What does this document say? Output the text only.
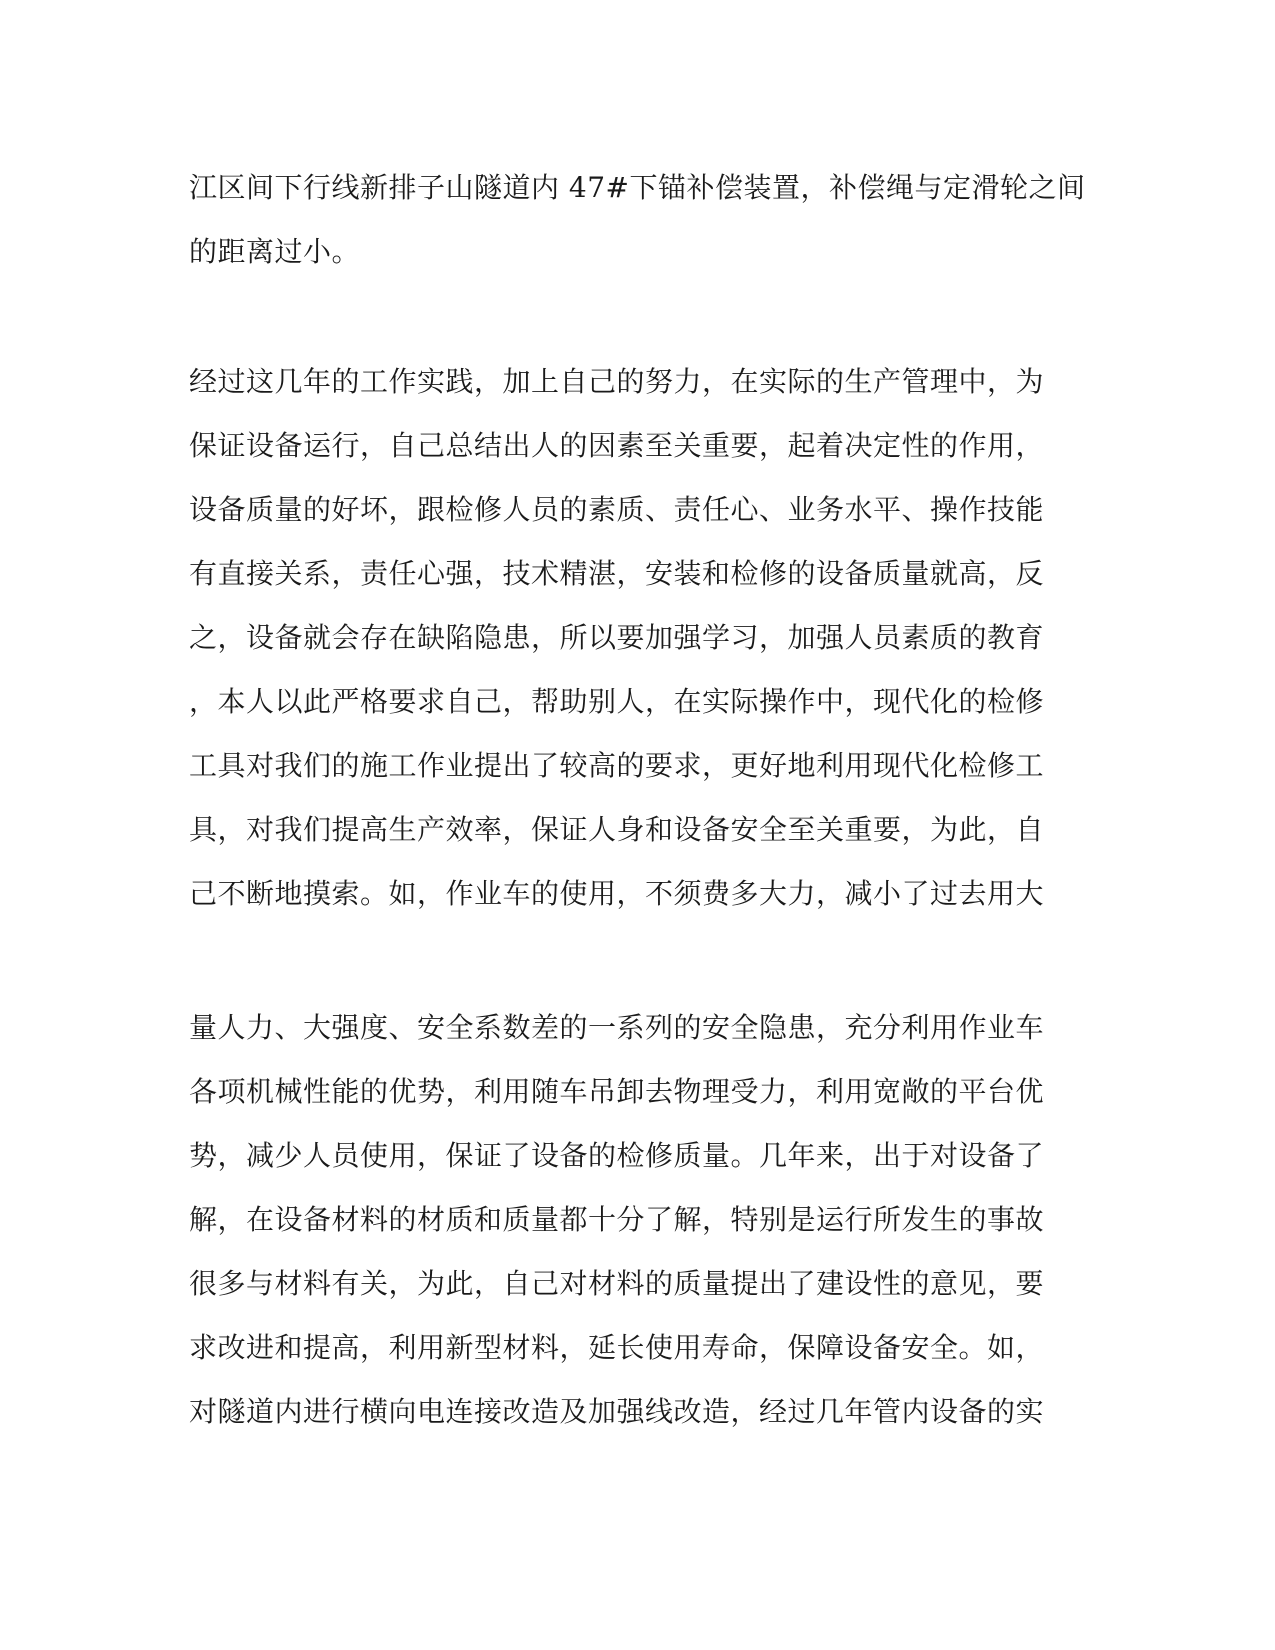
江区间下行线新排子山隧道内 47#下锚补偿装置，补偿绳与定滑轮之间
的距离过小。
经过这几年的工作实践，加上自己的努力，在实际的生产管理中，为
保证设备运行，自己总结出人的因素至关重要，起着决定性的作用，
设备质量的好坏，跟检修人员的素质、责任心、业务水平、操作技能
有直接关系，责任心强，技术精湛，安装和检修的设备质量就高，反
之，设备就会存在缺陷隐患，所以要加强学习，加强人员素质的教育
，本人以此严格要求自己，帮助别人，在实际操作中，现代化的检修
工具对我们的施工作业提出了较高的要求，更好地利用现代化检修工
具，对我们提高生产效率，保证人身和设备安全至关重要，为此，自
己不断地摸索。如，作业车的使用，不须费多大力，减小了过去用大
量人力、大强度、安全系数差的一系列的安全隐患，充分利用作业车
各项机械性能的优势，利用随车吊卸去物理受力，利用宽敞的平台优
势，减少人员使用，保证了设备的检修质量。几年来，出于对设备了
解，在设备材料的材质和质量都十分了解，特别是运行所发生的事故
很多与材料有关，为此，自己对材料的质量提出了建设性的意见，要
求改进和提高，利用新型材料，延长使用寿命，保障设备安全。如，
对隧道内进行横向电连接改造及加强线改造，经过几年管内设备的实
